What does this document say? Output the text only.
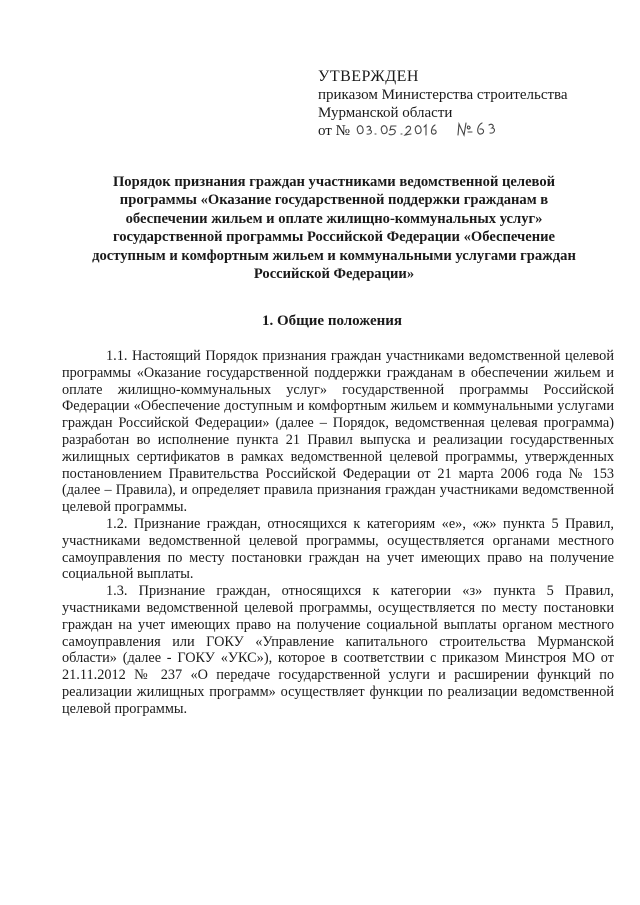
УТВЕРЖДЕН
приказом Министерства строительства
Мурманской области
от №
Порядок признания граждан участниками ведомственной целевой программы «Оказание государственной поддержки гражданам в обеспечении жильем и оплате жилищно-коммунальных услуг» государственной программы Российской Федерации «Обеспечение доступным и комфортным жильем и коммунальными услугами граждан Российской Федерации»
1. Общие положения

1.1. Настоящий Порядок признания граждан участниками ведомственной целевой программы «Оказание государственной поддержки гражданам в обеспечении жильем и оплате жилищно-коммунальных услуг» государственной программы Российской Федерации «Обеспечение доступным и комфортным жильем и коммунальными услугами граждан Российской Федерации» (далее – Порядок, ведомственная целевая программа) разработан во исполнение пункта 21 Правил выпуска и реализации государственных жилищных сертификатов в рамках ведомственной целевой программы, утвержденных постановлением Правительства Российской Федерации от 21 марта 2006 года № 153 (далее – Правила), и определяет правила признания граждан участниками ведомственной целевой программы.

1.2. Признание граждан, относящихся к категориям «е», «ж» пункта 5 Правил, участниками ведомственной целевой программы, осуществляется органами местного самоуправления по месту постановки граждан на учет имеющих право на получение социальной выплаты.

1.3. Признание граждан, относящихся к категории «з» пункта 5 Правил, участниками ведомственной целевой программы, осуществляется по месту постановки граждан на учет имеющих право на получение социальной выплаты органом местного самоуправления или ГОКУ «Управление капитального строительства Мурманской области» (далее - ГОКУ «УКС»), которое в соответствии с приказом Минстроя МО от 21.11.2012 № 237 «О передаче государственной услуги и расширении функций по реализации жилищных программ» осуществляет функции по реализации ведомственной целевой программы.
